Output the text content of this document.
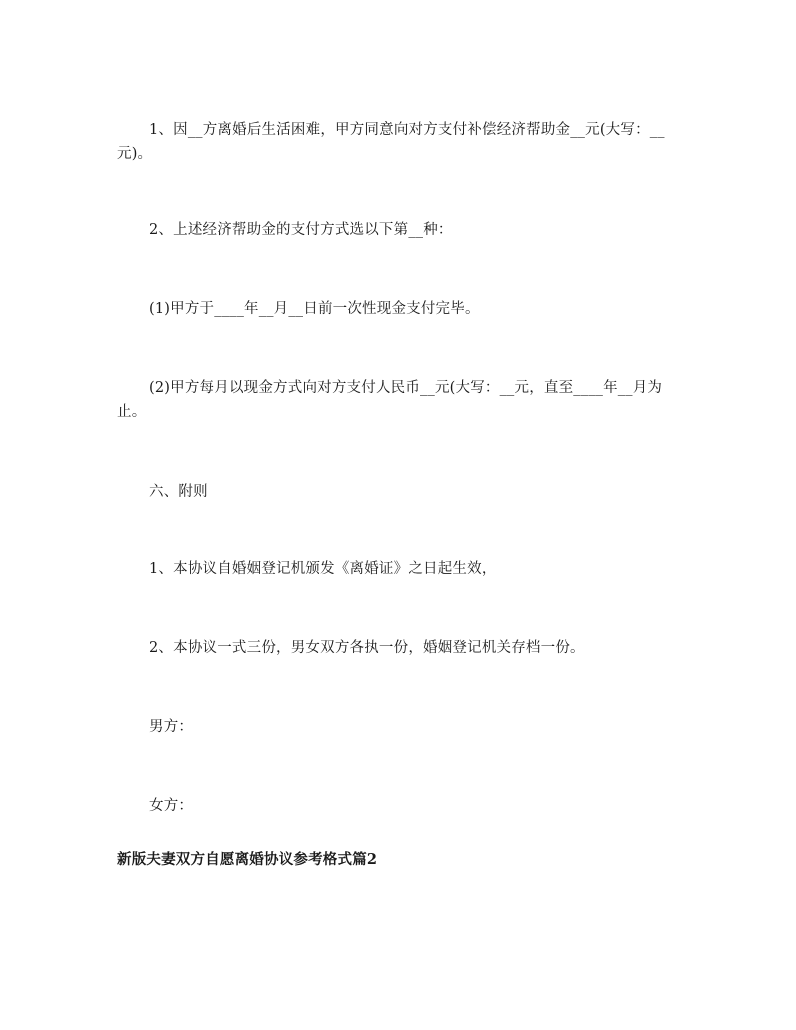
1、因__方离婚后生活困难，甲方同意向对方支付补偿经济帮助金__元(大写：__元)。

2、上述经济帮助金的支付方式选以下第__种：

(1)甲方于____年__月__日前一次性现金支付完毕。

(2)甲方每月以现金方式向对方支付人民币__元(大写：__元，直至____年__月为止。

六、附则

1、本协议自婚姻登记机颁发《离婚证》之日起生效，

2、本协议一式三份，男女双方各执一份，婚姻登记机关存档一份。

男方：

女方：

新版夫妻双方自愿离婚协议参考格式篇2
